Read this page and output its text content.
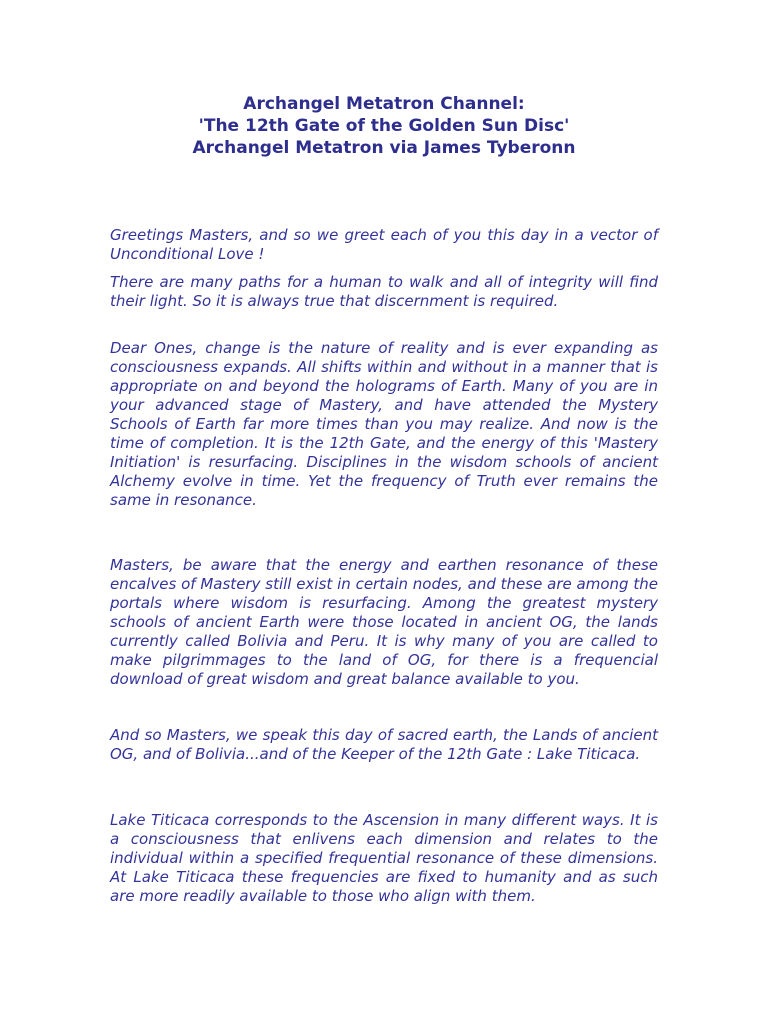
Archangel Metatron Channel:
'The 12th Gate of the Golden Sun Disc'
Archangel Metatron via James Tyberonn

Greetings Masters, and so we greet each of you this day in a vector of Unconditional Love !

There are many paths for a human to walk and all of integrity will find their light. So it is always true that discernment is required.

Dear Ones, change is the nature of reality and is ever expanding as consciousness expands. All shifts within and without in a manner that is appropriate on and beyond the holograms of Earth. Many of you are in your advanced stage of Mastery, and have attended the Mystery Schools of Earth far more times than you may realize. And now is the time of completion. It is the 12th Gate, and the energy of this 'Mastery Initiation' is resurfacing. Disciplines in the wisdom schools of ancient Alchemy evolve in time. Yet the frequency of Truth ever remains the same in resonance.

Masters, be aware that the energy and earthen resonance of these encalves of Mastery still exist in certain nodes, and these are among the portals where wisdom is resurfacing. Among the greatest mystery schools of ancient Earth were those located in ancient OG, the lands currently called Bolivia and Peru. It is why many of you are called to make pilgrimmages to the land of OG, for there is a frequencial download of great wisdom and great balance available to you.

And so Masters, we speak this day of sacred earth, the Lands of ancient OG, and of Bolivia...and of the Keeper of the 12th Gate : Lake Titicaca.

Lake Titicaca corresponds to the Ascension in many different ways. It is a consciousness that enlivens each dimension and relates to the individual within a specified frequential resonance of these dimensions. At Lake Titicaca these frequencies are fixed to humanity and as such are more readily available to those who align with them.
